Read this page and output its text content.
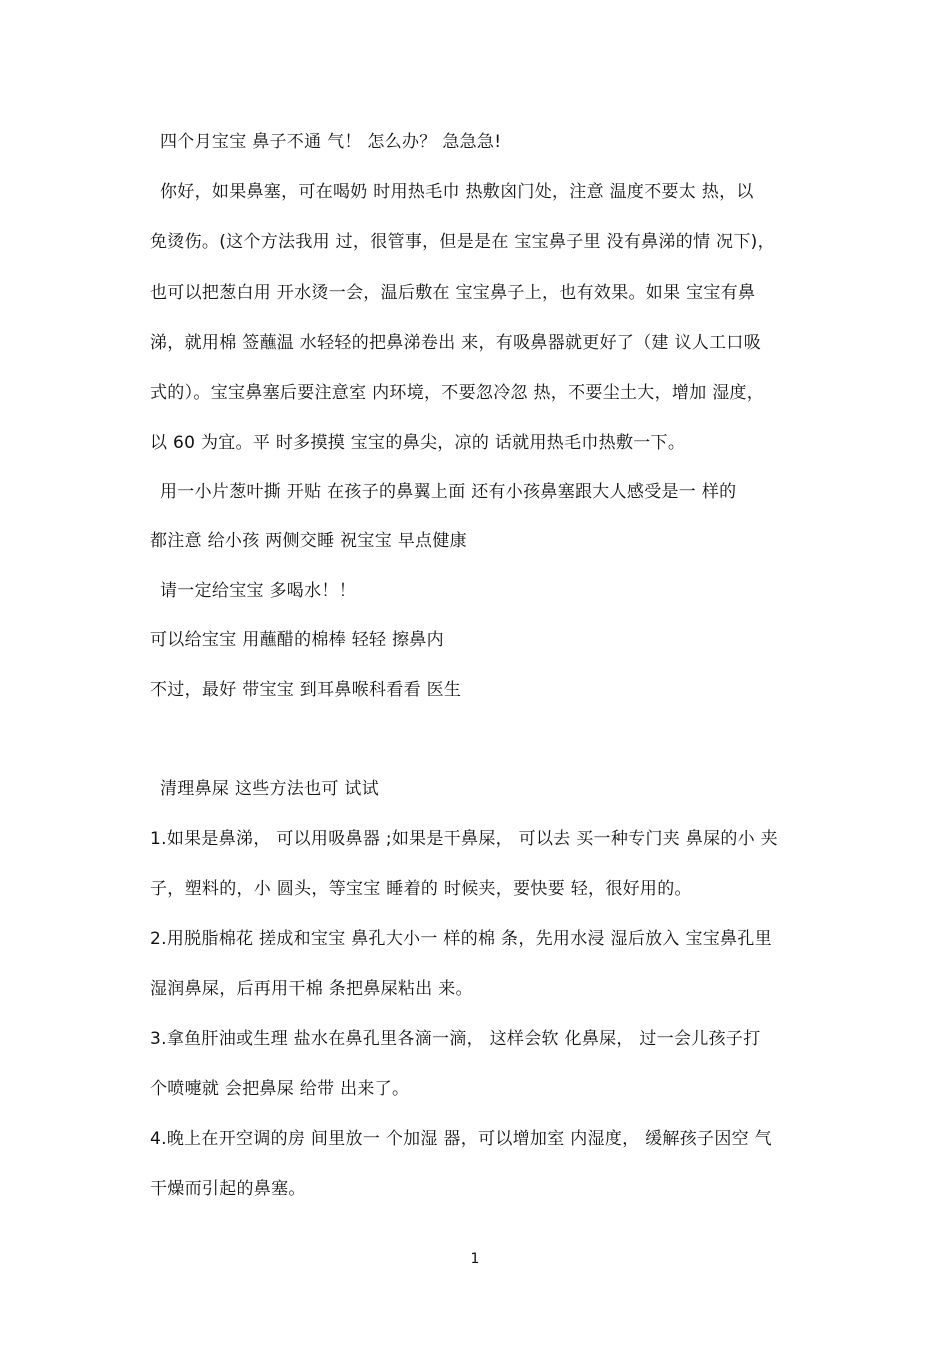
四个月宝宝 鼻子不通 气！ 怎么办？ 急急急!
你好，如果鼻塞，可在喝奶 时用热毛巾 热敷囟门处，注意 温度不要太 热，以
免烫伤。(这个方法我用 过，很管事，但是是在 宝宝鼻子里 没有鼻涕的情 况下)，
也可以把葱白用 开水烫一会，温后敷在 宝宝鼻子上，也有效果。如果 宝宝有鼻
涕，就用棉 签蘸温 水轻轻的把鼻涕卷出 来，有吸鼻器就更好了（建 议人工口吸
式的）。宝宝鼻塞后要注意室 内环境，不要忽冷忽 热，不要尘土大，增加 湿度，
以 60 为宜。平 时多摸摸 宝宝的鼻尖，凉的 话就用热毛巾热敷一下。
用一小片葱叶撕 开贴 在孩子的鼻翼上面 还有小孩鼻塞跟大人感受是一 样的
都注意 给小孩 两侧交睡 祝宝宝 早点健康
请一定给宝宝 多喝水！！
可以给宝宝 用蘸醋的棉棒 轻轻 擦鼻内
不过，最好 带宝宝 到耳鼻喉科看看 医生
清理鼻屎 这些方法也可 试试
1.如果是鼻涕， 可以用吸鼻器 ;如果是干鼻屎， 可以去 买一种专门夹 鼻屎的小 夹
子，塑料的，小 圆头，等宝宝 睡着的 时候夹，要快要 轻，很好用的。
2.用脱脂棉花 搓成和宝宝 鼻孔大小一 样的棉 条，先用水浸 湿后放入 宝宝鼻孔里
湿润鼻屎，后再用干棉 条把鼻屎粘出 来。
3.拿鱼肝油或生理 盐水在鼻孔里各滴一滴， 这样会软 化鼻屎， 过一会儿孩子打
个喷嚏就 会把鼻屎 给带 出来了。
4.晚上在开空调的房 间里放一 个加湿 器，可以增加室 内湿度， 缓解孩子因空 气
干燥而引起的鼻塞。
1
